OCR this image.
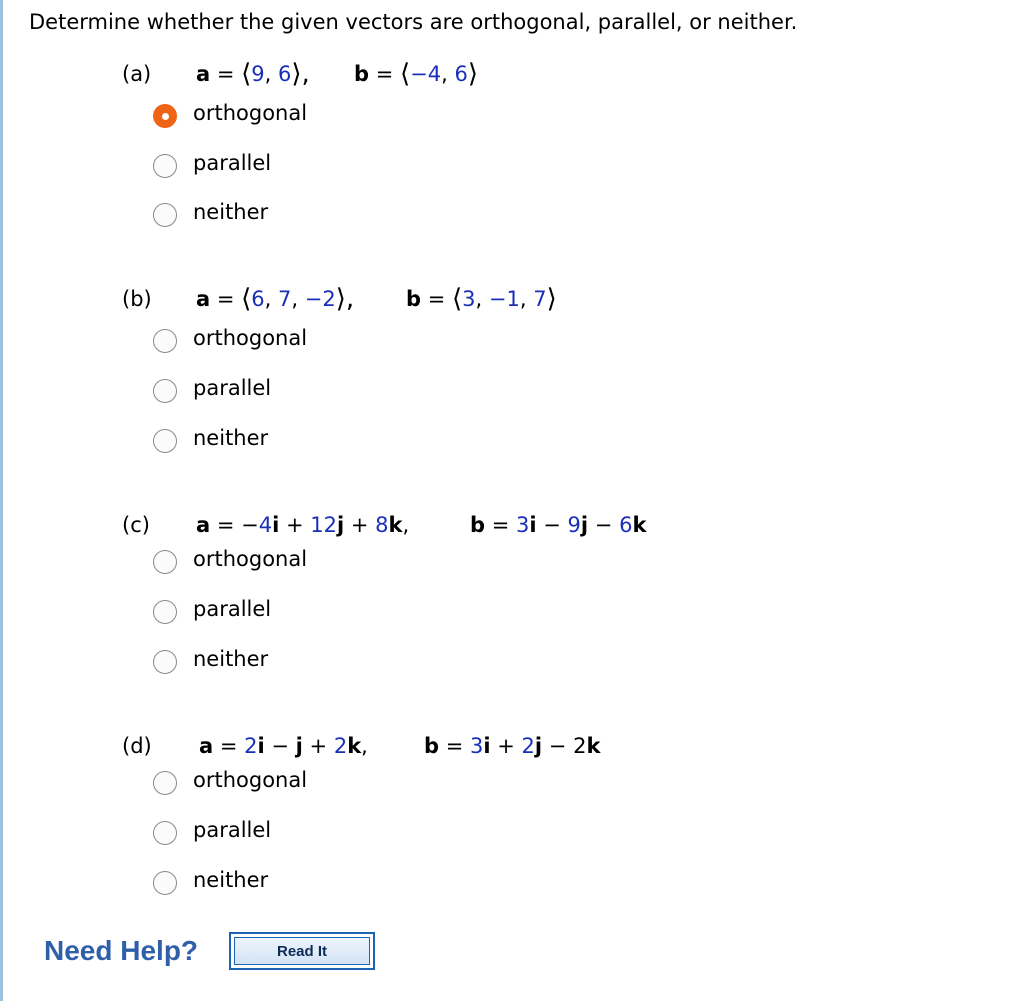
Determine whether the given vectors are orthogonal, parallel, or neither.
(a) a = ⟨9, 6⟩, b = ⟨−4, 6⟩
orthogonal
parallel
neither
(b) a = ⟨6, 7, −2⟩, b = ⟨3, −1, 7⟩
orthogonal
parallel
neither
(c) a = −4i + 12j + 8k,	b = 3i − 9j − 6k
orthogonal
parallel
neither
(d) a = 2i − j + 2k,	b = 3i + 2j − 2k
orthogonal
parallel
neither
Need Help?	Read It
